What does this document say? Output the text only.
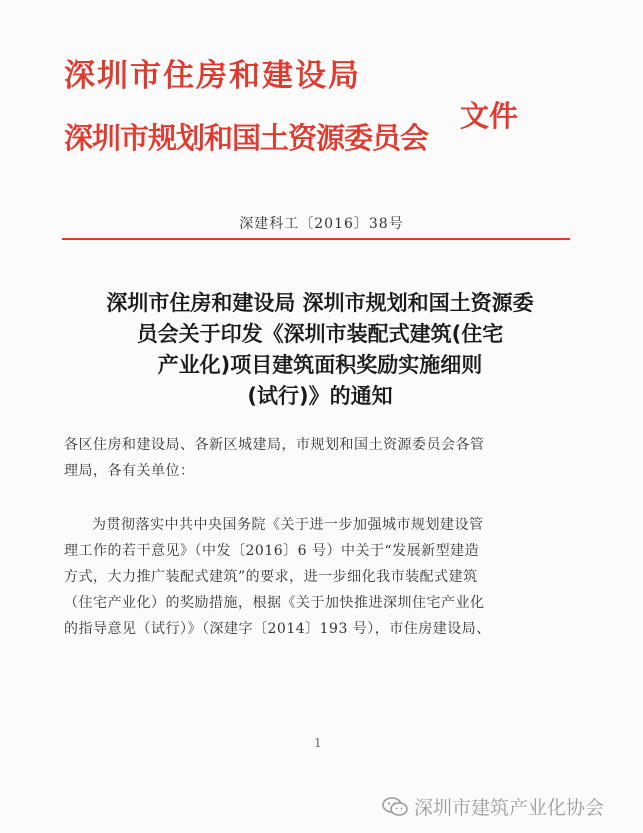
深圳市住房和建设局
深圳市规划和国土资源委员会
文件
深建科工〔2016〕38号
深圳市住房和建设局 深圳市规划和国土资源委
员会关于印发《深圳市装配式建筑(住宅
产业化)项目建筑面积奖励实施细则
(试行)》的通知
各区住房和建设局、各新区城建局，市规划和国土资源委员会各管
理局，各有关单位：
为贯彻落实中共中央国务院《关于进一步加强城市规划建设管
理工作的若干意见》（中发〔2016〕6 号）中关于“发展新型建造
方式，大力推广装配式建筑”的要求，进一步细化我市装配式建筑
（住宅产业化）的奖励措施，根据《关于加快推进深圳住宅产业化
的指导意见（试行）》（深建字〔2014〕193 号），市住房建设局、
1
深圳市建筑产业化协会
